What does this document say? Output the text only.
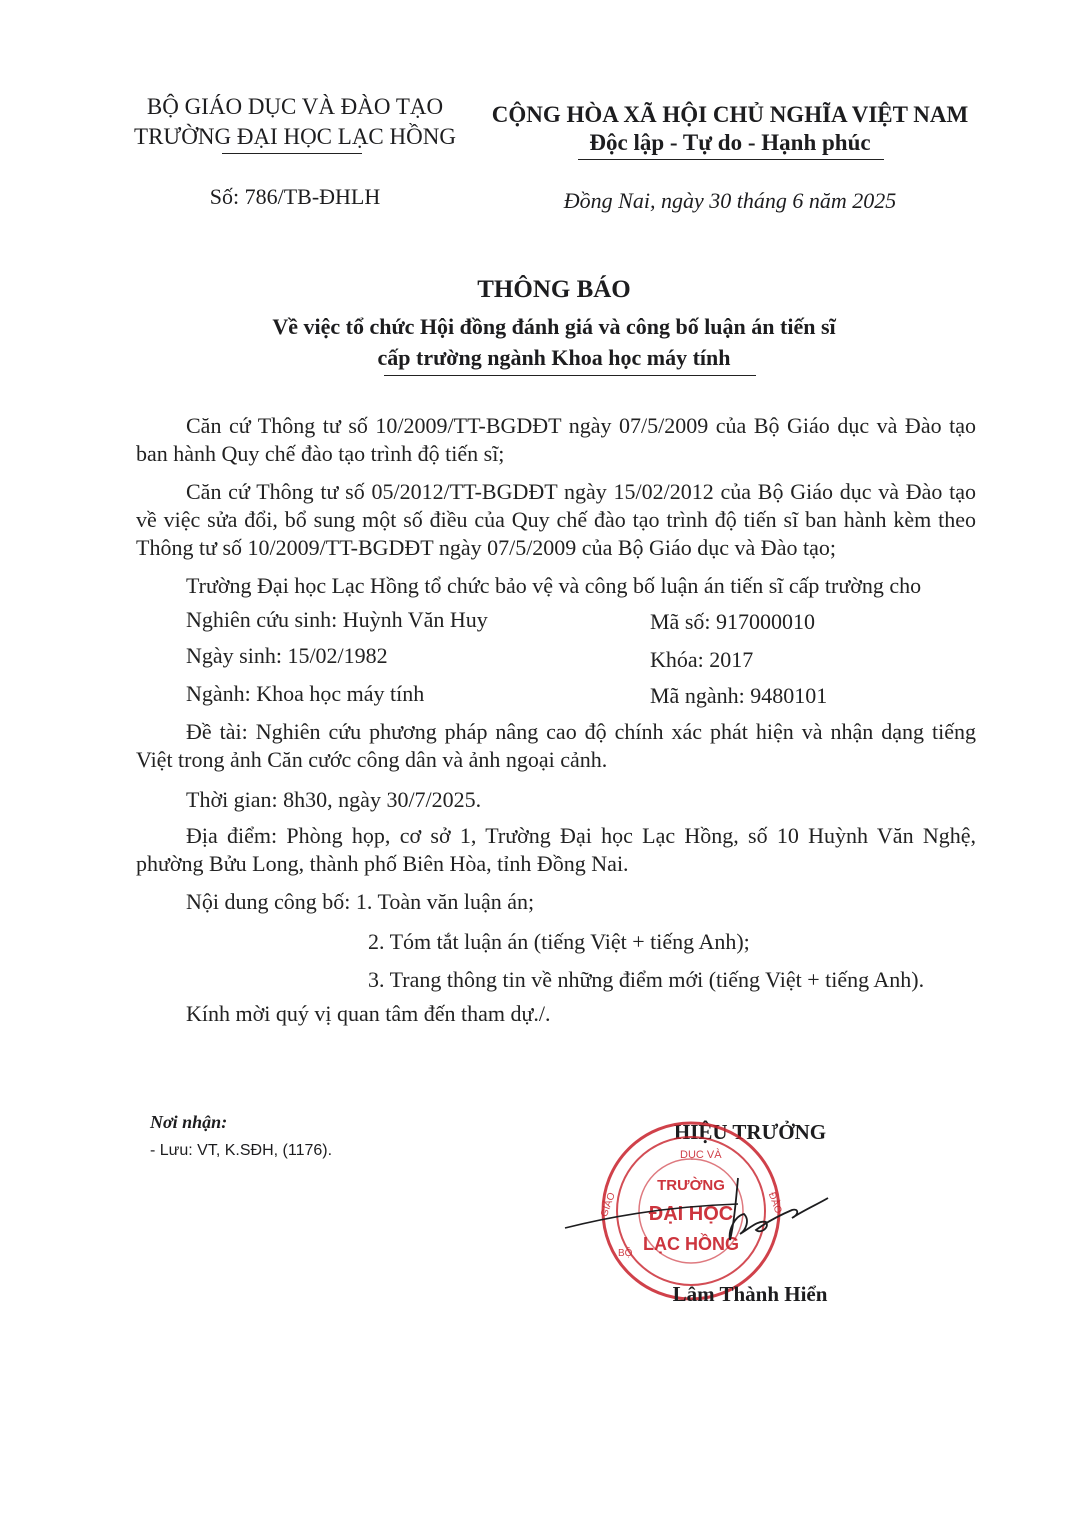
BỘ GIÁO DỤC VÀ ĐÀO TẠO
TRƯỜNG ĐẠI HỌC LẠC HỒNG
CỘNG HÒA XÃ HỘI CHỦ NGHĨA VIỆT NAM
Độc lập - Tự do - Hạnh phúc
Số: 786/TB-ĐHLH	Đồng Nai, ngày 30 tháng 6 năm 2025
THÔNG BÁO
Về việc tổ chức Hội đồng đánh giá và công bố luận án tiến sĩ
cấp trường ngành Khoa học máy tính
Căn cứ Thông tư số 10/2009/TT-BGDĐT ngày 07/5/2009 của Bộ Giáo dục và Đào tạo ban hành Quy chế đào tạo trình độ tiến sĩ;
Căn cứ Thông tư số 05/2012/TT-BGDĐT ngày 15/02/2012 của Bộ Giáo dục và Đào tạo về việc sửa đổi, bổ sung một số điều của Quy chế đào tạo trình độ tiến sĩ ban hành kèm theo Thông tư số 10/2009/TT-BGDĐT ngày 07/5/2009 của Bộ Giáo dục và Đào tạo;
Trường Đại học Lạc Hồng tổ chức bảo vệ và công bố luận án tiến sĩ cấp trường cho
Nghiên cứu sinh: Huỳnh Văn Huy	Mã số: 917000010
Ngày sinh: 15/02/1982	Khóa: 2017
Ngành: Khoa học máy tính	Mã ngành: 9480101
Đề tài: Nghiên cứu phương pháp nâng cao độ chính xác phát hiện và nhận dạng tiếng Việt trong ảnh Căn cước công dân và ảnh ngoại cảnh.
Thời gian: 8h30, ngày 30/7/2025.
Địa điểm: Phòng họp, cơ sở 1, Trường Đại học Lạc Hồng, số 10 Huỳnh Văn Nghệ, phường Bửu Long, thành phố Biên Hòa, tỉnh Đồng Nai.
Nội dung công bố: 1. Toàn văn luận án;
2. Tóm tắt luận án (tiếng Việt + tiếng Anh);
3. Trang thông tin về những điểm mới (tiếng Việt + tiếng Anh).
Kính mời quý vị quan tâm đến tham dự./.
Nơi nhận:
- Lưu: VT, K.SĐH, (1176).
HIỆU TRƯỞNG
DỤC VÀ
GIÁO	ĐÀO
BỘ
TRƯỜNG
ĐẠI HỌC
LẠC HỒNG
Lâm Thành Hiển
